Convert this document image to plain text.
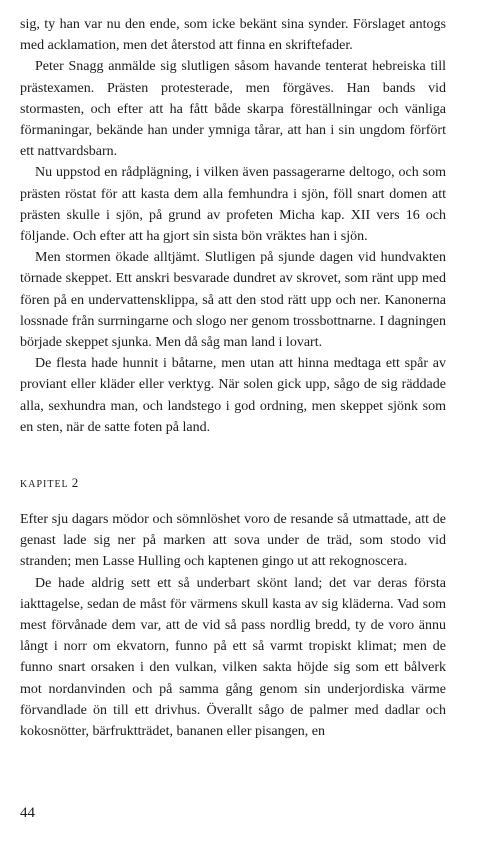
sig, ty han var nu den ende, som icke bekänt sina synder. Förslaget antogs med acklamation, men det återstod att finna en skriftefader.

Peter Snagg anmälde sig slutligen såsom havande tenterat hebreiska till prästexamen. Prästen protesterade, men förgäves. Han bands vid stormasten, och efter att ha fått både skarpa föreställningar och vänliga förmaningar, bekände han under ymniga tårar, att han i sin ungdom förfört ett nattvardsbarn.

Nu uppstod en rådplägning, i vilken även passagerarne deltogo, och som prästen röstat för att kasta dem alla femhundra i sjön, föll snart domen att prästen skulle i sjön, på grund av profeten Micha kap. XII vers 16 och följande. Och efter att ha gjort sin sista bön vräktes han i sjön.

Men stormen ökade alltjämt. Slutligen på sjunde dagen vid hundvakten törnade skeppet. Ett anskri besvarade dundret av skrovet, som ränt upp med fören på en undervattensklippa, så att den stod rätt upp och ner. Kanonerna lossnade från surrningarne och slogo ner genom trossbottnarne. I dagningen började skeppet sjunka. Men då såg man land i lovart.

De flesta hade hunnit i båtarne, men utan att hinna medtaga ett spår av proviant eller kläder eller verktyg. När solen gick upp, sågo de sig räddade alla, sexhundra man, och landstego i god ordning, men skeppet sjönk som en sten, när de satte foten på land.

KAPITEL 2

Efter sju dagars mödor och sömnlöshet voro de resande så utmattade, att de genast lade sig ner på marken att sova under de träd, som stodo vid stranden; men Lasse Hulling och kaptenen gingo ut att rekognoscera.

De hade aldrig sett ett så underbart skönt land; det var deras första iakttagelse, sedan de måst för värmens skull kasta av sig kläderna. Vad som mest förvånade dem var, att de vid så pass nordlig bredd, ty de voro ännu långt i norr om ekvatorn, funno på ett så varmt tropiskt klimat; men de funno snart orsaken i den vulkan, vilken sakta höjde sig som ett bålverk mot nordanvinden och på samma gång genom sin underjordiska värme förvandlade ön till ett drivhus. Överallt sågo de palmer med dadlar och kokosnötter, bärfruktträdet, bananen eller pisangen, en

44
